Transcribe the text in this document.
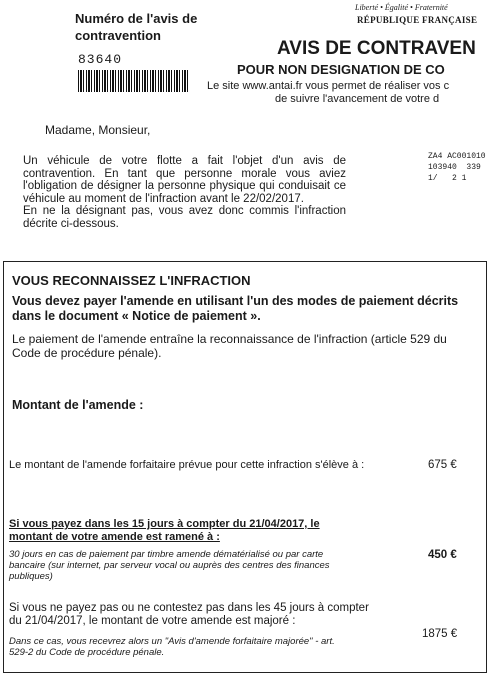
Numéro de l'avis de contravention
83640
Liberté • Égalité • Fraternité
RÉPUBLIQUE FRANÇAISE
AVIS DE CONTRAVEN
POUR NON DESIGNATION DE CO
Le site www.antai.fr vous permet de réaliser vos c
de suivre l'avancement de votre d
Madame, Monsieur,
Un véhicule de votre flotte a fait l'objet d'un avis de contravention. En tant que personne morale vous aviez l'obligation de désigner la personne physique qui conduisait ce véhicule au moment de l'infraction avant le 22/02/2017.
En ne la désignant pas, vous avez donc commis l'infraction décrite ci-dessous.
ZA4 AC001010
103940  339
1/   2 1
VOUS RECONNAISSEZ L'INFRACTION
Vous devez payer l'amende en utilisant l'un des modes de paiement décrits dans le document « Notice de paiement ».
Le paiement de l'amende entraîne la reconnaissance de l'infraction (article 529 du Code de procédure pénale).
Montant de l'amende :
Le montant de l'amende forfaitaire prévue pour cette infraction s'élève à :	675 €
Si vous payez dans les 15 jours à compter du 21/04/2017, le montant de votre amende est ramené à :
30 jours en cas de paiement par timbre amende dématérialisé ou par carte bancaire (sur internet, par serveur vocal ou auprès des centres des finances publiques)
450 €
Si vous ne payez pas ou ne contestez pas dans les 45 jours à compter du 21/04/2017, le montant de votre amende est majoré :
Dans ce cas, vous recevrez alors un "Avis d'amende forfaitaire majorée" - art. 529-2 du Code de procédure pénale.
1875 €
